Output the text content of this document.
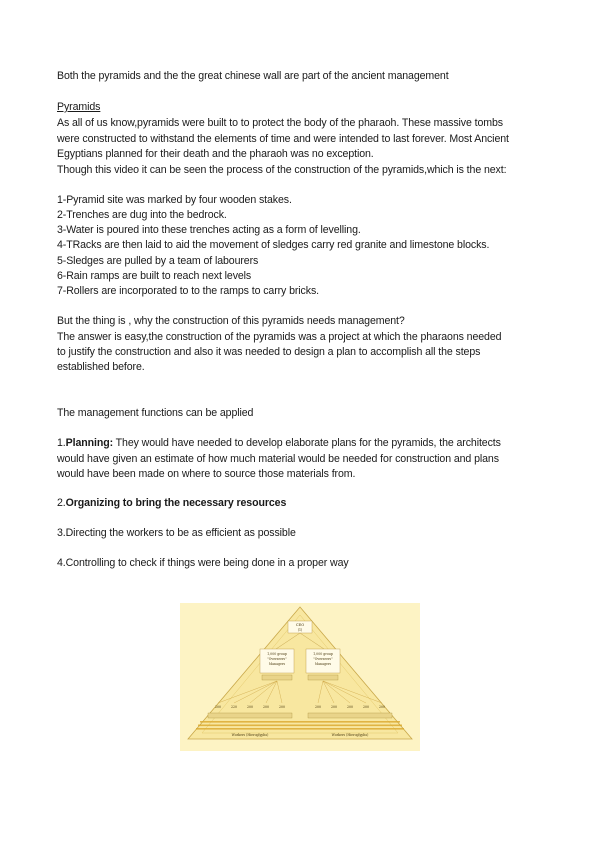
Both the pyramids and the the great chinese wall are part of the ancient management
Pyramids
As all of us know,pyramids were built to to protect the body of the pharaoh. These massive tombs
were constructed to withstand the elements of time and were intended to last forever. Most Ancient
Egyptians planned for their death and the pharaoh was no exception.
Though this video it can be seen the process of the construction of the pyramids,which is the next:
1-Pyramid site was marked by four wooden stakes.
2-Trenches are dug into the bedrock.
3-Water is poured into these trenches acting as a form of levelling.
4-TRacks are then laid to aid the movement of sledges carry red granite and limestone blocks.
5-Sledges are pulled by a team of labourers
6-Rain ramps are built to reach next levels
7-Rollers are incorporated to to the ramps to carry bricks.
But the thing is , why the construction of this pyramids needs management?
The answer is easy,the construction of the pyramids was a project at which the pharaons needed
to justify the construction and also it was needed to design a plan to accomplish all the steps
established before.
The management functions can be applied
1.Planning: They would have needed to develop elaborate plans for the pyramids, the architects
would have given an estimate of how much material would be needed for construction and plans
would have been made on where to source those materials from.
2.Organizing to bring the necessary resources
3.Directing the workers to be as efficient as possible
4.Controlling to check if things were being done in a proper way
CEO
(1)
1,000 group
"Overseers"
Managers
1,000 group
"Overseers"
Managers
200	220	200	200	200	200	200	200	200	200
Workers (Hieroglyphs)	Workers (Hieroglyphs)
